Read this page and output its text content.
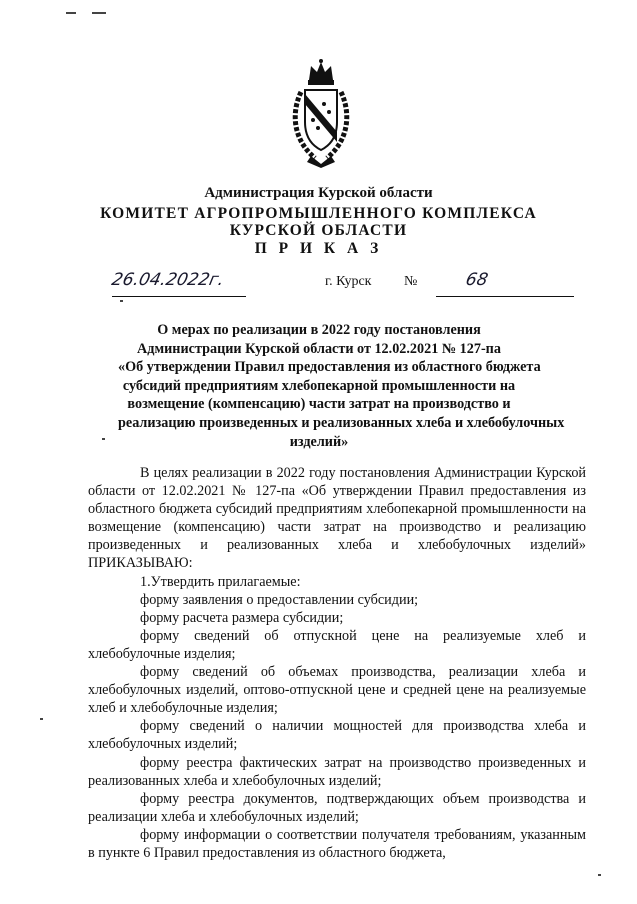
Администрация Курской области
КОМИТЕТ АГРОПРОМЫШЛЕННОГО КОМПЛЕКСА
КУРСКОЙ ОБЛАСТИ
П Р И К А З
26.04.2022г.	г. Курск №	68
О мерах по реализации в 2022 году постановления
Администрации Курской области от 12.02.2021 № 127-па
«Об утверждении Правил предоставления из областного бюджета
субсидий предприятиям хлебопекарной промышленности на
возмещение (компенсацию) части затрат на производство и
реализацию произведенных и реализованных хлеба и хлебобулочных
изделий»

В целях реализации в 2022 году постановления Администрации Курской области от 12.02.2021 № 127-па «Об утверждении Правил предоставления из областного бюджета субсидий предприятиям хлебопекарной промышленности на возмещение (компенсацию) части затрат на производство и реализацию произведенных и реализованных хлеба и хлебобулочных изделий» ПРИКАЗЫВАЮ:

1.Утвердить прилагаемые:

форму заявления о предоставлении субсидии;

форму расчета размера субсидии;

форму сведений об отпускной цене на реализуемые хлеб и хлебобулочные изделия;

форму сведений об объемах производства, реализации хлеба и хлебобулочных изделий, оптово-отпускной цене и средней цене на реализуемые хлеб и хлебобулочные изделия;

форму сведений о наличии мощностей для производства хлеба и хлебобулочных изделий;

форму реестра фактических затрат на производство произведенных и реализованных хлеба и хлебобулочных изделий;

форму реестра документов, подтверждающих объем производства и реализации хлеба и хлебобулочных изделий;

форму информации о соответствии получателя требованиям, указанным в пункте 6 Правил предоставления из областного бюджета,
